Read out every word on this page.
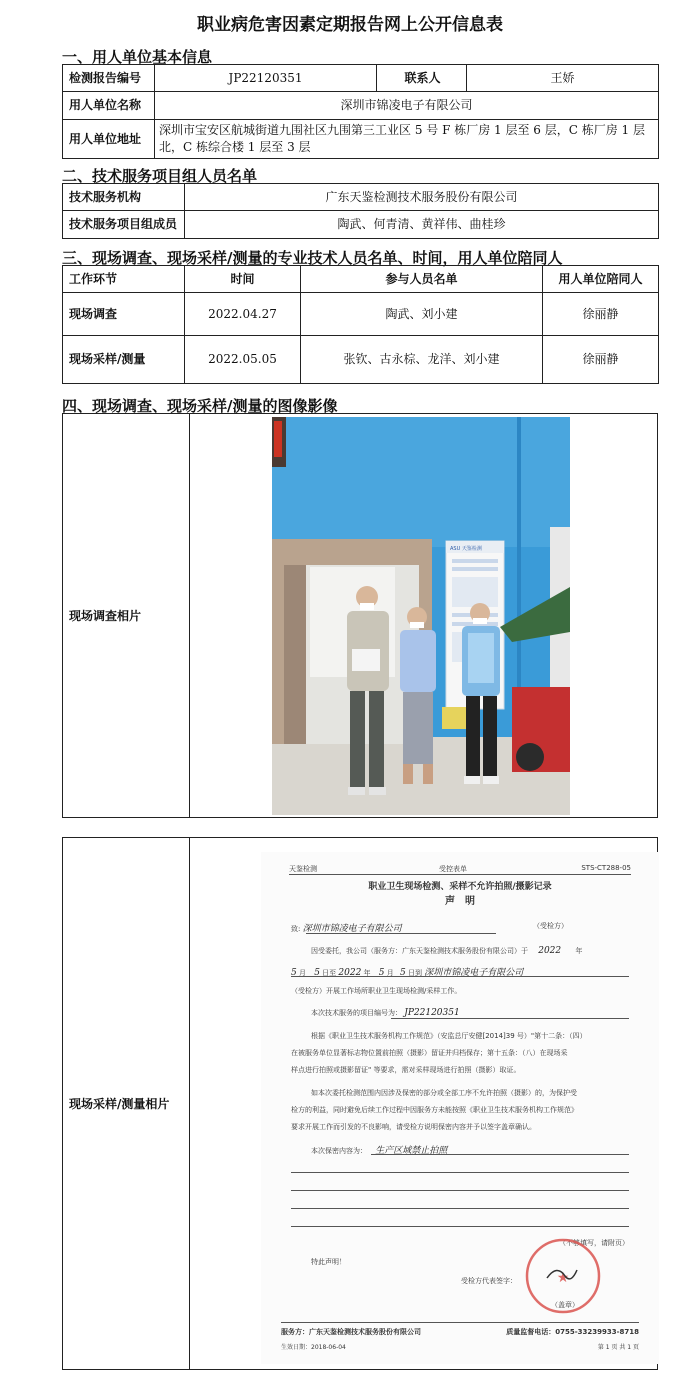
职业病危害因素定期报告网上公开信息表
一、用人单位基本信息
检测报告编号	JP22120351	联系人	王娇
用人单位名称	深圳市锦凌电子有限公司		
用人单位地址	深圳市宝安区航城街道九围社区九围第三工业区 5 号 F 栋厂房 1 层至 6 层，C 栋厂房 1 层北，C 栋综合楼 1 层至 3 层		
二、技术服务项目组人员名单
技术服务机构	广东天鉴检测技术服务股份有限公司
技术服务项目组成员	陶武、何青清、黄祥伟、曲桂珍
三、现场调查、现场采样/测量的专业技术人员名单、时间，用人单位陪同人
工作环节	时间	参与人员名单	用人单位陪同人
现场调查	2022.04.27	陶武、刘小建	徐丽静
现场采样/测量	2022.05.05	张钦、古永棕、龙洋、刘小建	徐丽静
四、现场调查、现场采样/测量的图像影像
现场调查相片
ASU 天鉴检测
现场采样/测量相片
天鉴检测	受控表单	STS-CT288-05
职业卫生现场检测、采样不允许拍照/摄影记录
声　明
致: 深圳市锦凌电子有限公司	（受检方）
因受委托，我公司（服务方：广东天鉴检测技术服务股份有限公司）于 2022 年
5 月 5 日至 2022 年 5 月 5 日到 深圳市锦凌电子有限公司
（受检方）开展工作场所职业卫生现场检测/采样工作。
本次技术服务的项目编号为： JP22120351
根据《职业卫生技术服务机构工作规范》（安监总厅安健[2014]39 号）"第十二条：（四）
在被服务单位显著标志物位置前拍照（摄影）留证并归档保存；第十五条：（八）在现场采
样点进行拍照或摄影留证" 等要求，需对采样现场进行拍照（摄影）取证。
如本次委托检测范围内因涉及保密的部分或全部工序不允许拍照（摄影）的，为保护受
检方的利益，同时避免后续工作过程中因服务方未能按照《职业卫生技术服务机构工作规范》
要求开展工作而引发的不良影响，请受检方说明保密内容并予以签字盖章确认。
本次保密内容为： 生产区域禁止拍照
（不够填写，请附页）
特此声明！
受检方代表签字：
（盖章）
★
服务方：广东天鉴检测技术服务股份有限公司	质量监督电话：0755-33239933-8718
生效日期：2018-06-04	第 1 页 共 1 页
